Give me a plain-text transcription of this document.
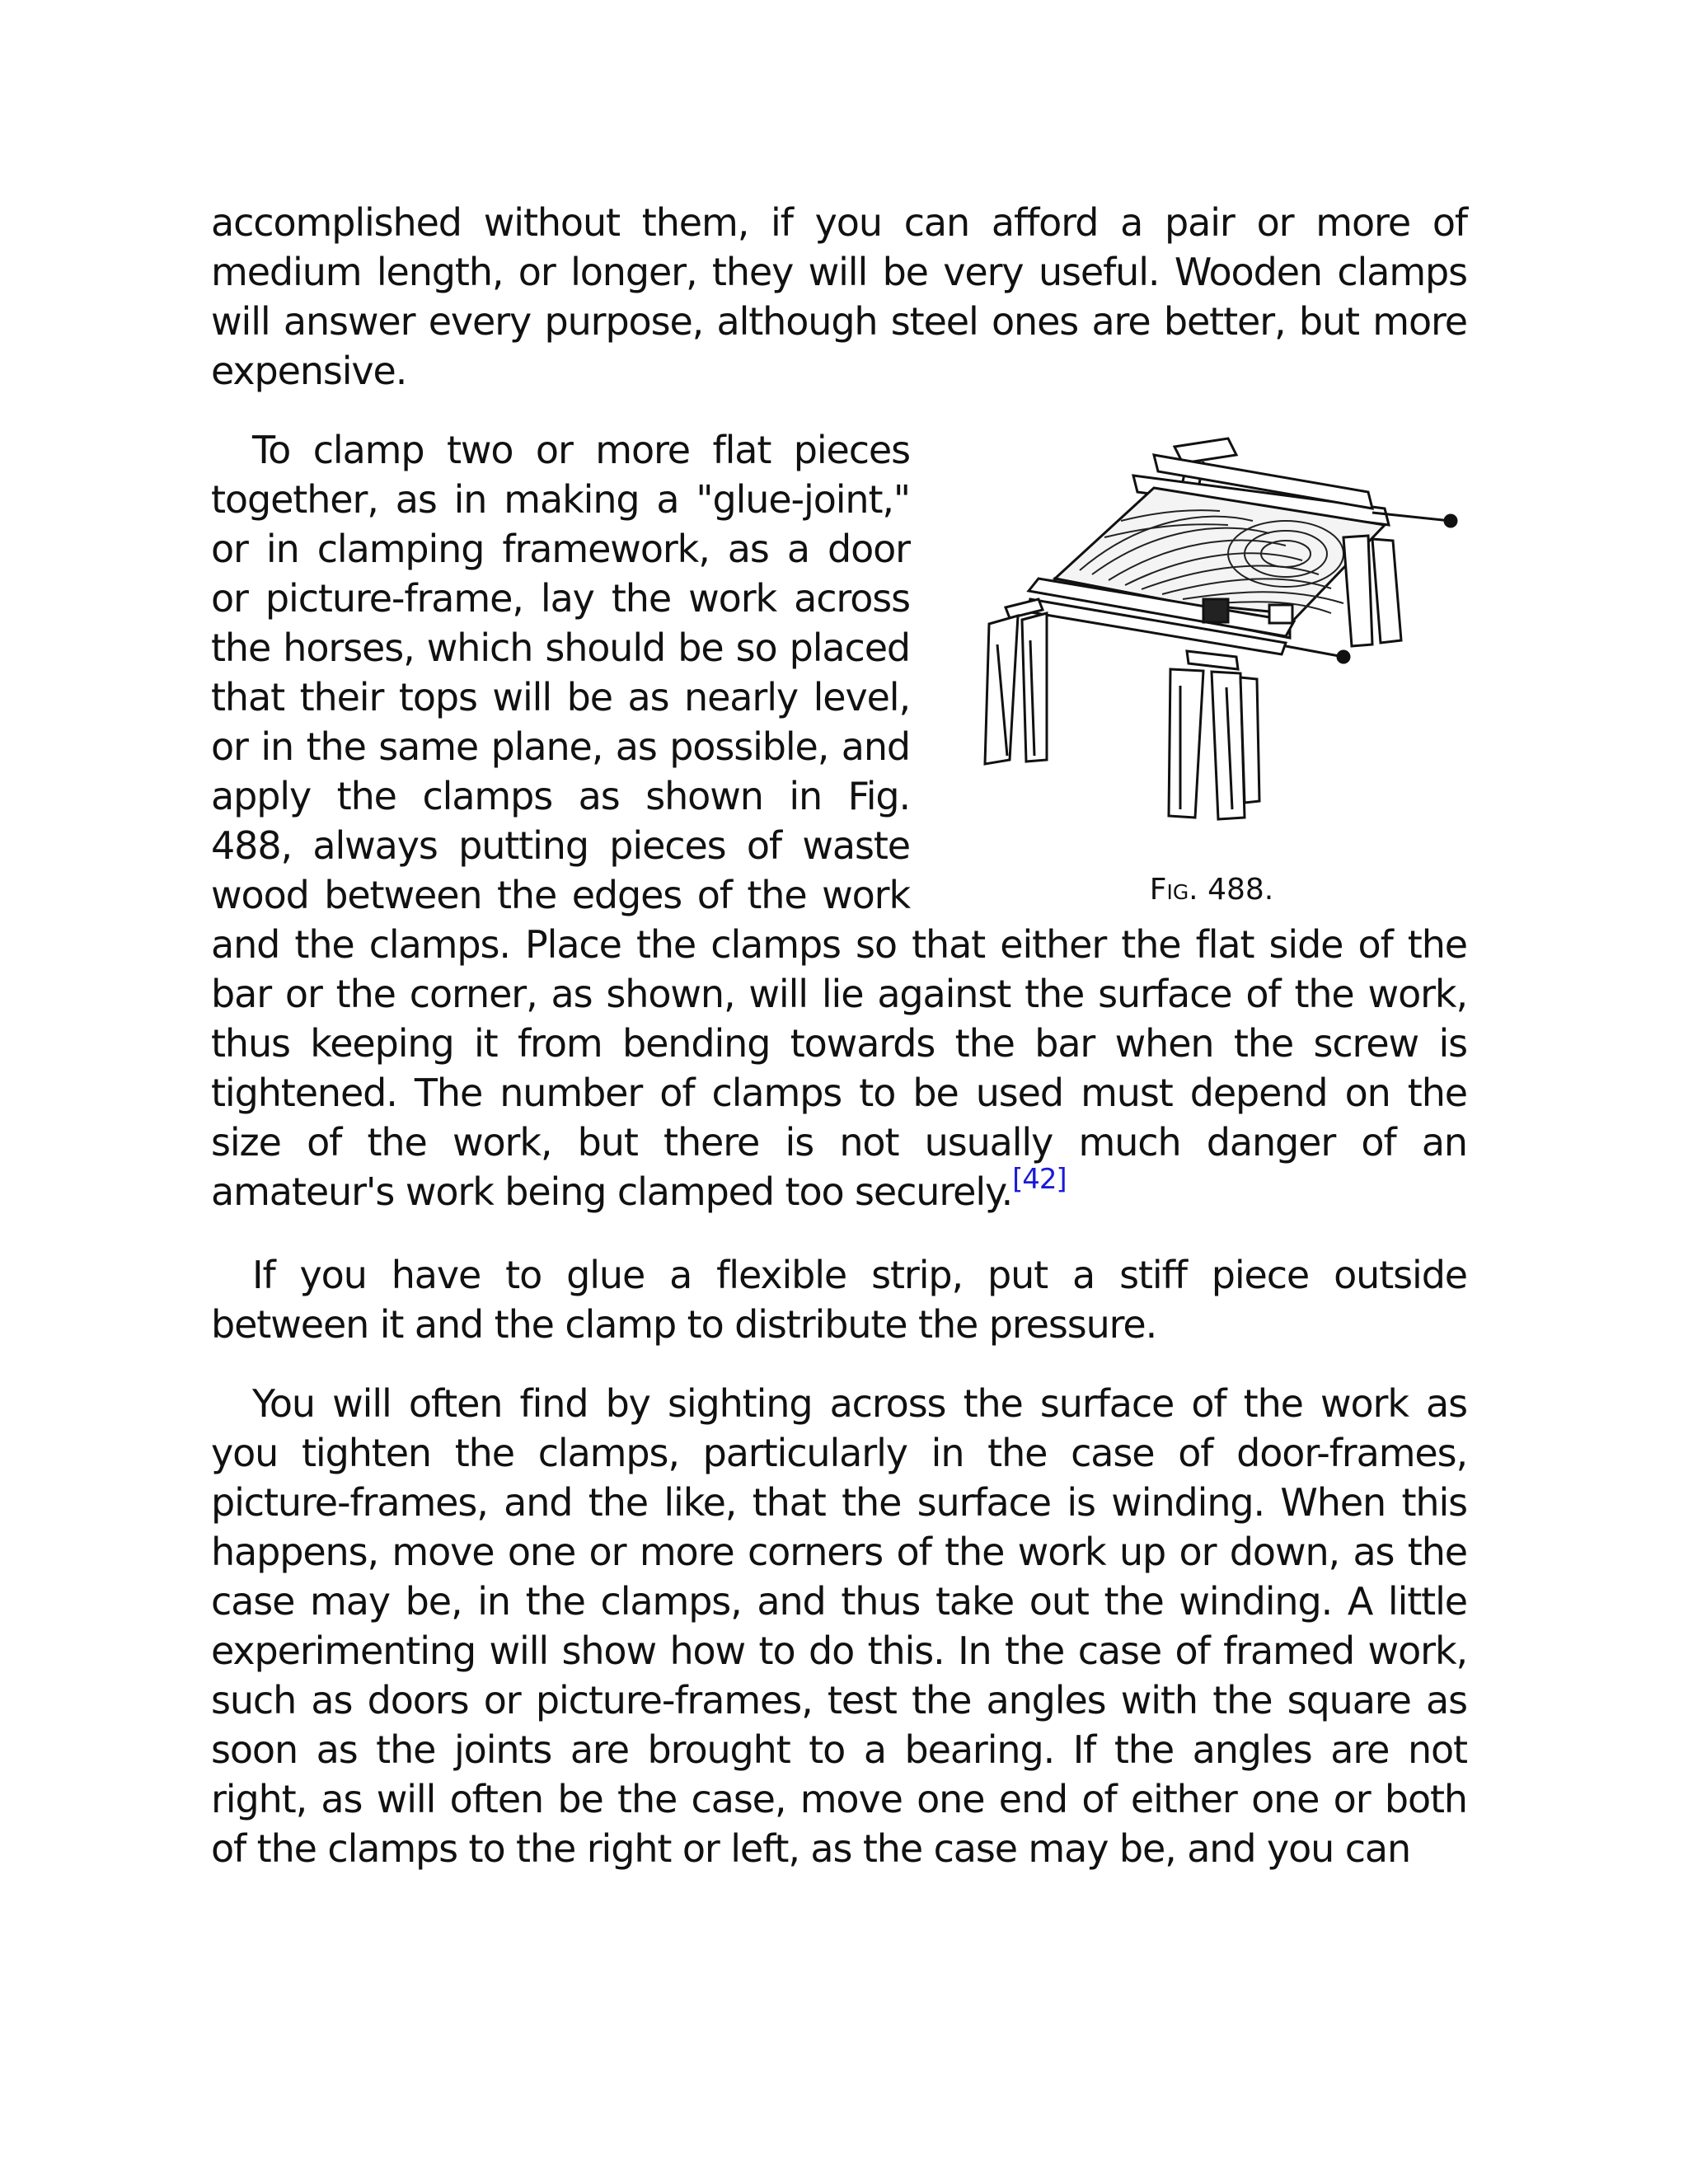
accomplished without them, if you can afford a pair or more of medium length, or longer, they will be very useful. Wooden clamps will answer every purpose, although steel ones are better, but more expensive.

Fig. 488.

To clamp two or more flat pieces together, as in making a "glue-joint," or in clamping framework, as a door or picture-frame, lay the work across the horses, which should be so placed that their tops will be as nearly level, or in the same plane, as possible, and apply the clamps as shown in Fig. 488, always putting pieces of waste wood between the edges of the work and the clamps. Place the clamps so that either the flat side of the bar or the corner, as shown, will lie against the surface of the work, thus keeping it from bending towards the bar when the screw is tightened. The number of clamps to be used must depend on the size of the work, but there is not usually much danger of an amateur's work being clamped too securely.[42]

If you have to glue a flexible strip, put a stiff piece outside between it and the clamp to distribute the pressure.

You will often find by sighting across the surface of the work as you tighten the clamps, particularly in the case of door-frames, picture-frames, and the like, that the surface is winding. When this happens, move one or more corners of the work up or down, as the case may be, in the clamps, and thus take out the winding. A little experimenting will show how to do this. In the case of framed work, such as doors or picture-frames, test the angles with the square as soon as the joints are brought to a bearing. If the angles are not right, as will often be the case, move one end of either one or both of the clamps to the right or left, as the case may be, and you can
